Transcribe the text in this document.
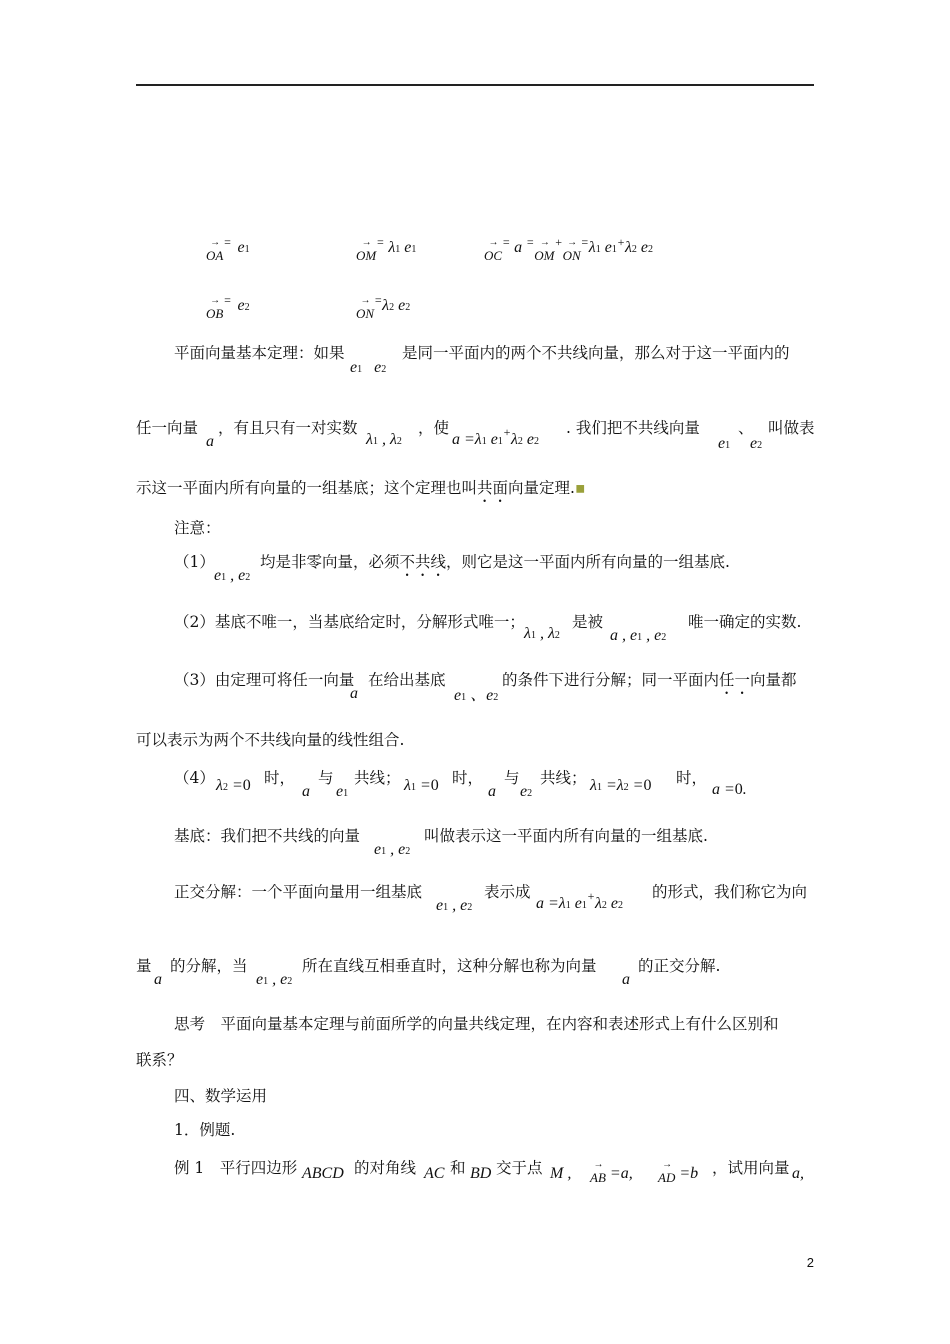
→ OA= e1	→ OM= λ1 e1	→ OC= a =→ OM+→ ON=λ1 e1+λ2 e2
→ OB= e2	→ ON=λ2 e2
平面向量基本定理：如果
e1 e2
是同一平面内的两个不共线向量，那么对于这一平面内的
任一向量
a
，有且只有一对实数
λ1 , λ2
，使
a =λ1 e1+λ2 e2
. 我们把不共线向量
e1
、
e2
叫做表
示这一平面内所有向量的一组基底；这个定理也叫共面向量定理.▪
注意：
（1）
e1 , e2
均是非零向量，必须不共线，则它是这一平面内所有向量的一组基底.
（2）基底不唯一，当基底给定时，分解形式唯一；
λ1 , λ2
是被
a , e1 , e2
唯一确定的实数.
（3）由定理可将任一向量
a
在给出基底
e1 、e2
的条件下进行分解；同一平面内任一向量都
可以表示为两个不共线向量的线性组合.
（4） λ2 =0 时，
a
与
e1
共线； λ1 =0 时，
a
与
e2
共线； λ1 =λ2 =0 时，
a =0.
基底：我们把不共线的向量
e1 , e2
叫做表示这一平面内所有向量的一组基底.
正交分解：一个平面向量用一组基底
e1 , e2
表示成
a =λ1 e1+λ2 e2
的形式，我们称它为向
量
a
的分解，当
e1 , e2
所在直线互相垂直时，这种分解也称为向量
a
的正交分解.
思考　平面向量基本定理与前面所学的向量共线定理，在内容和表述形式上有什么区别和
联系？
四、数学运用
1．例题.
例 1　平行四边形 ABCD 的对角线 AC 和 BD 交于点 M , → AB =a, → AD =b ，试用向量 a,
2
